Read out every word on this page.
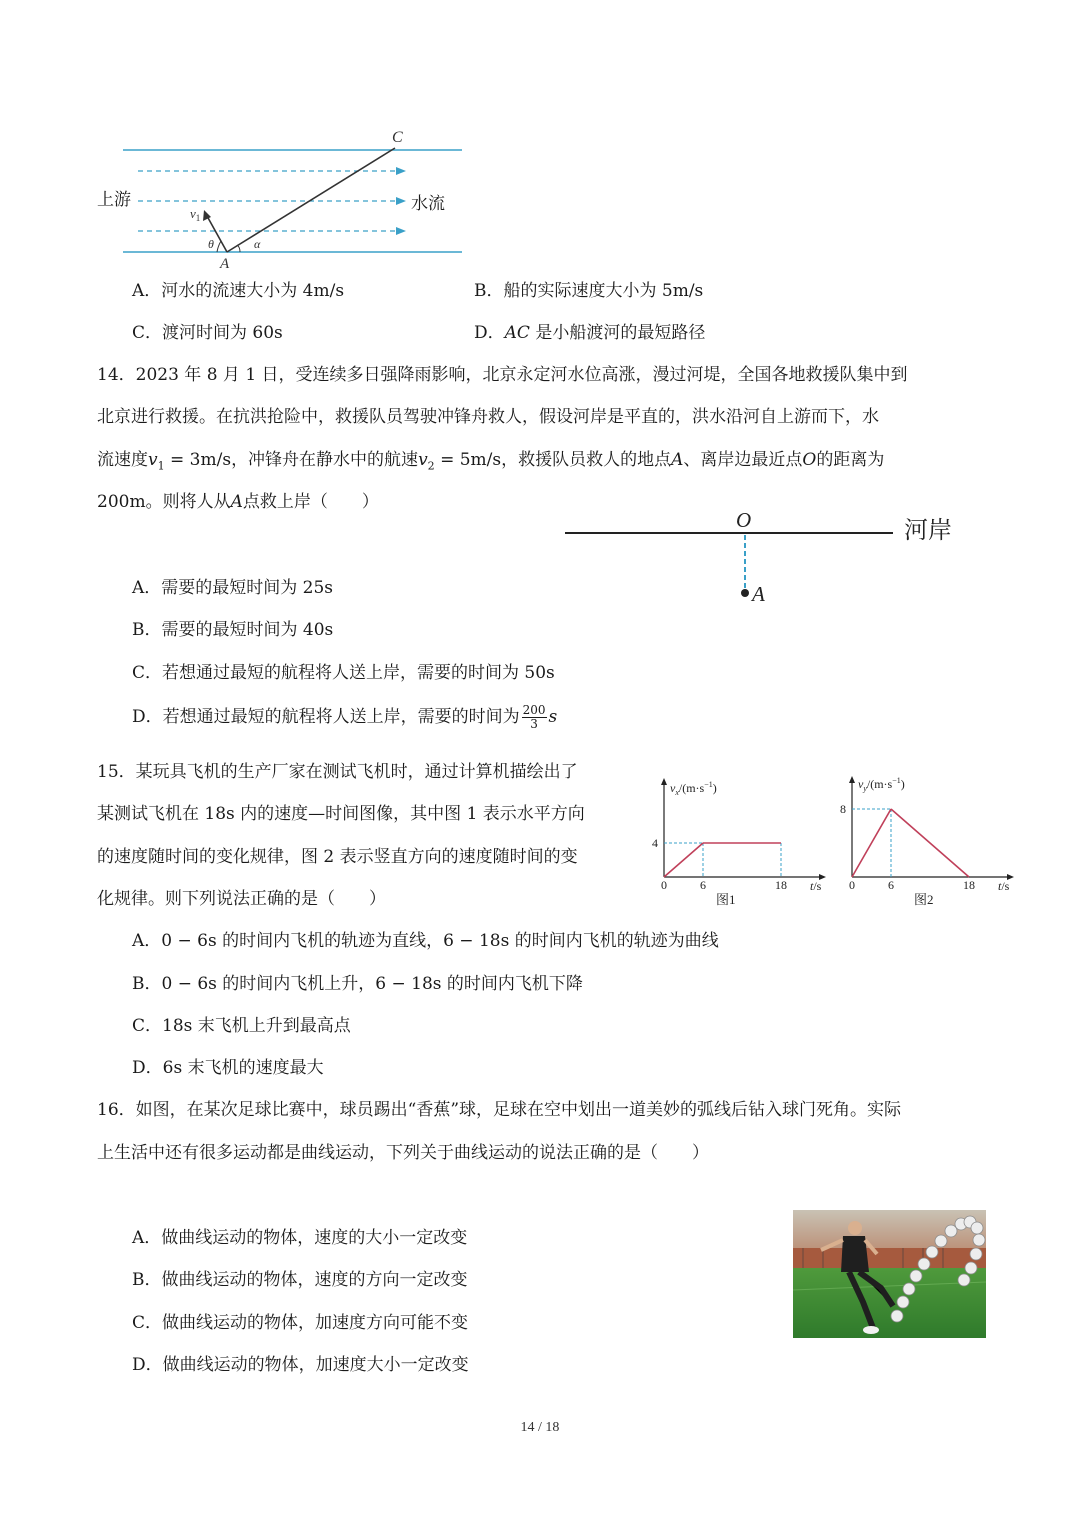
C
A
$v_1$
θ	α
上游	水流
A．河水的流速大小为 4m/s	B．船的实际速度大小为 5m/s
C．渡河时间为 60s	D．AC 是小船渡河的最短路径
14．2023 年 8 月 1 日，受连续多日强降雨影响，北京永定河水位高涨，漫过河堤，全国各地救援队集中到
北京进行救援。在抗洪抢险中，救援队员驾驶冲锋舟救人，假设河岸是平直的，洪水沿河自上游而下，水
流速度$v_1 = 3m/s$，冲锋舟在静水中的航速$v_2 = 5m/s$，救援队员救人的地点A、离岸边最近点O的距离为
200m。则将人从A点救上岸（　　）
O
A
河岸
A．需要的最短时间为 25s
B．需要的最短时间为 40s
C．若想通过最短的航程将人送上岸，需要的时间为 50s
D．若想通过最短的航程将人送上岸，需要的时间为 200
3 s
15．某玩具飞机的生产厂家在测试飞机时，通过计算机描绘出了
某测试飞机在 18s 内的速度—时间图像，其中图 1 表示水平方向
的速度随时间的变化规律，图 2 表示竖直方向的速度随时间的变
化规律。则下列说法正确的是（　　）
0	6	18
4
$v_x/(m\cdot s^{-1})$
t/s
图1
0	6	18
8
$v_y/(m\cdot s^{-1})$
t/s
图2
A．0 − 6s 的时间内飞机的轨迹为直线，6 − 18s 的时间内飞机的轨迹为曲线
B．0 − 6s 的时间内飞机上升，6 − 18s 的时间内飞机下降
C．18s 末飞机上升到最高点
D．6s 末飞机的速度最大
16．如图，在某次足球比赛中，球员踢出“香蕉”球，足球在空中划出一道美妙的弧线后钻入球门死角。实际
上生活中还有很多运动都是曲线运动，下列关于曲线运动的说法正确的是（　　）
A．做曲线运动的物体，速度的大小一定改变
B．做曲线运动的物体，速度的方向一定改变
C．做曲线运动的物体，加速度方向可能不变
D．做曲线运动的物体，加速度大小一定改变
14 / 18
